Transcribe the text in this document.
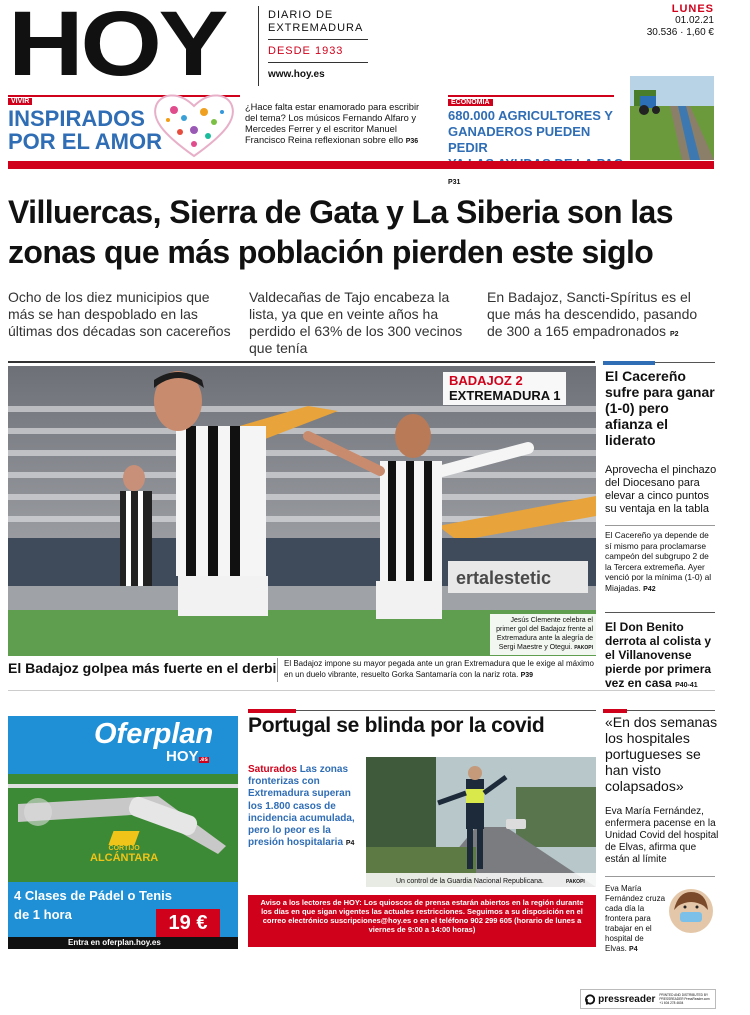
HOY	DIARIO DE
EXTREMADURA
DESDE 1933
www.hoy.es
LUNES
01.02.21
30.536 · 1,60 €
VIVIR
INSPIRADOS
POR EL AMOR
¿Hace falta estar enamorado para escribir del tema? Los músicos Fernando Alfaro y Mercedes Ferrer y el escritor Manuel Francisco Reina reflexionan sobre ello P36
ECONOMÍA
680.000 AGRICULTORES Y
GANADEROS PUEDEN PEDIR
P31
Villuercas, Sierra de Gata y La Siberia son las
zonas que más población pierden este siglo
Ocho de los diez municipios que más se han despoblado en las últimas dos décadas son cacereños
Valdecañas de Tajo encabeza la lista, ya que en veinte años ha perdido el 63% de los 300 vecinos que tenía
En Badajoz, Sancti-Spíritus es el que más ha descendido, pasando de 300 a 165 empadronados P2
ertalestetic
BADAJOZ 2
EXTREMADURA 1
Jesús Clemente celebra el primer gol del Badajoz frente al Extremadura ante la alegría de Sergi Maestre y Otegui. PAKOPI
El Badajoz golpea más fuerte en el derbi El Badajoz impone su mayor pegada ante un gran Extremadura que le exige al máximo en un duelo vibrante, resuelto Gorka Santamaría con la nariz rota. P39
El Cacereño sufre para ganar (1-0) pero afianza el liderato
Aprovecha el pinchazo del Diocesano para elevar a cinco puntos su ventaja en la tabla
El Cacereño ya depende de sí mismo para proclamarse campeón del subgrupo 2 de la Tercera extremeña. Ayer venció por la mínima (1-0) al Miajadas. P42
El Don Benito derrota al colista y el Villanovense pierde por primera vez en casa P40-41
Oferplan
HOY.es
CORTIJO
ALCÁNTARA
4 Clases de Pádel o Tenis
de 1 hora	19 €
Entra en oferplan.hoy.es
Portugal se blinda por la covid
Saturados Las zonas fronterizas con Extremadura superan los 1.800 casos de incidencia acumulada, pero lo peor es la presión hospitalaria P4
Un control de la Guardia Nacional Republicana.	PAKOPI
Aviso a los lectores de HOY: Los quioscos de prensa estarán abiertos en la región durante los días en que sigan vigentes las actuales restricciones. Seguimos a su disposición en el correo electrónico suscripciones@hoy.es o en el teléfono 902 299 605 (horario de lunes a viernes de 9:00 a 14:00 horas)
«En dos semanas los hospitales portugueses se han visto colapsados»
Eva María Fernández, enfermera pacense en la Unidad Covid del hospital de Elvas, afirma que están al límite
Eva María Fernández cruza cada día la frontera para trabajar en el hospital de Elvas. P4
pressreader PRINTED AND DISTRIBUTED BY PRESSREADER PressReader.com +1 604 278 4604
